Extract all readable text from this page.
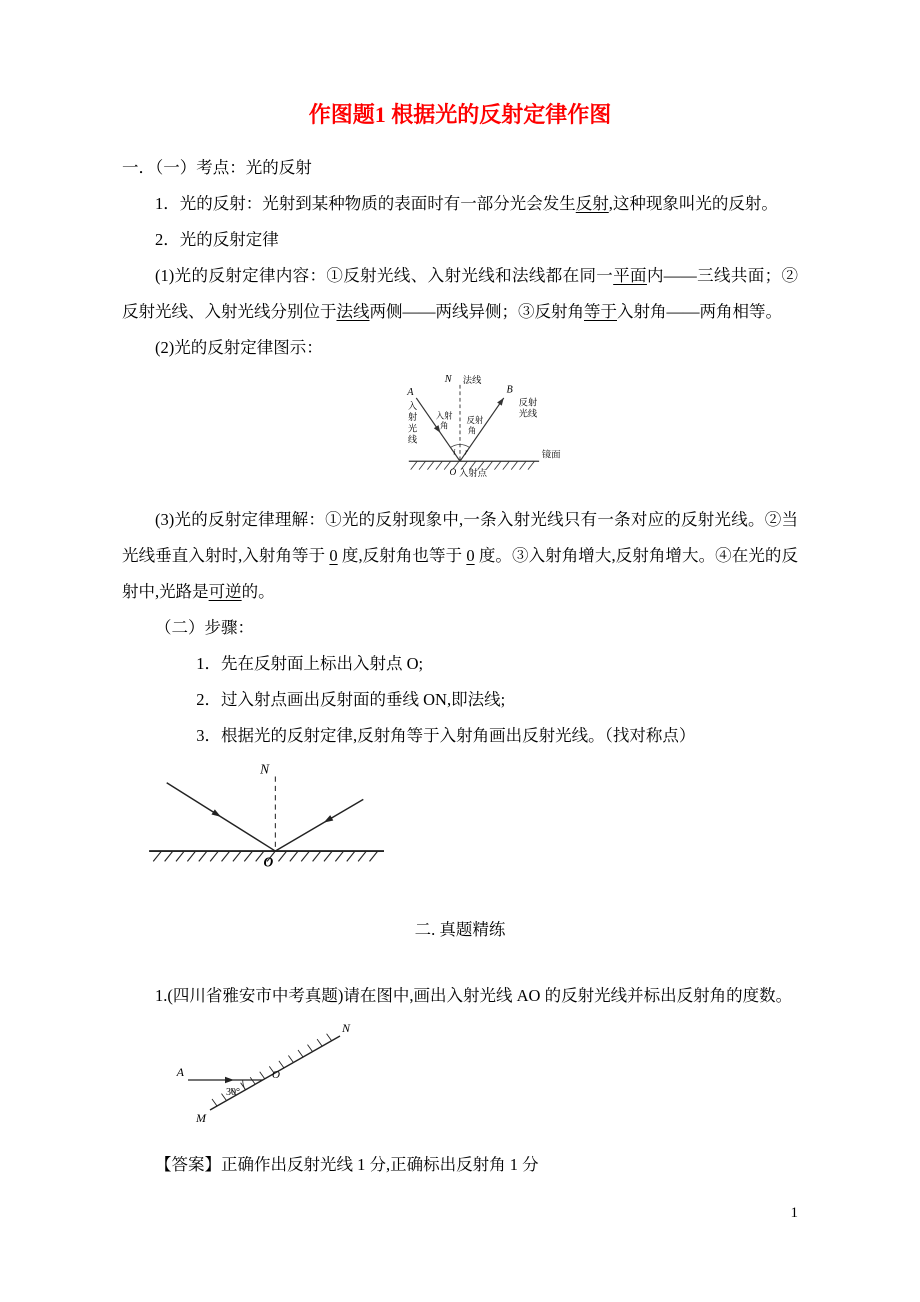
作图题1 根据光的反射定律作图

一．（一）考点：光的反射

1．光的反射：光射到某种物质的表面时有一部分光会发生反射,这种现象叫光的反射。

2．光的反射定律

(1)光的反射定律内容：①反射光线、入射光线和法线都在同一平面内——三线共面；②反射光线、入射光线分别位于法线两侧——两线异侧；③反射角等于入射角——两角相等。

(2)光的反射定律图示：

N 法线
A
入
射
光
线
入射
角
B
反射
光线
反射
角
i r	镜面
O 入射点

(3)光的反射定律理解：①光的反射现象中,一条入射光线只有一条对应的反射光线。②当光线垂直入射时,入射角等于 0 度,反射角也等于 0 度。③入射角增大,反射角增大。④在光的反射中,光路是可逆的。

（二）步骤：

1．先在反射面上标出入射点 O;

2．过入射点画出反射面的垂线 ON,即法线;

3．根据光的反射定律,反射角等于入射角画出反射光线。（找对称点）

N
O

二. 真题精练

1.(四川省雅安市中考真题)请在图中,画出入射光线 AO 的反射光线并标出反射角的度数。

N
A	O
M
30°

【答案】正确作出反射光线 1 分,正确标出反射角 1 分

1
